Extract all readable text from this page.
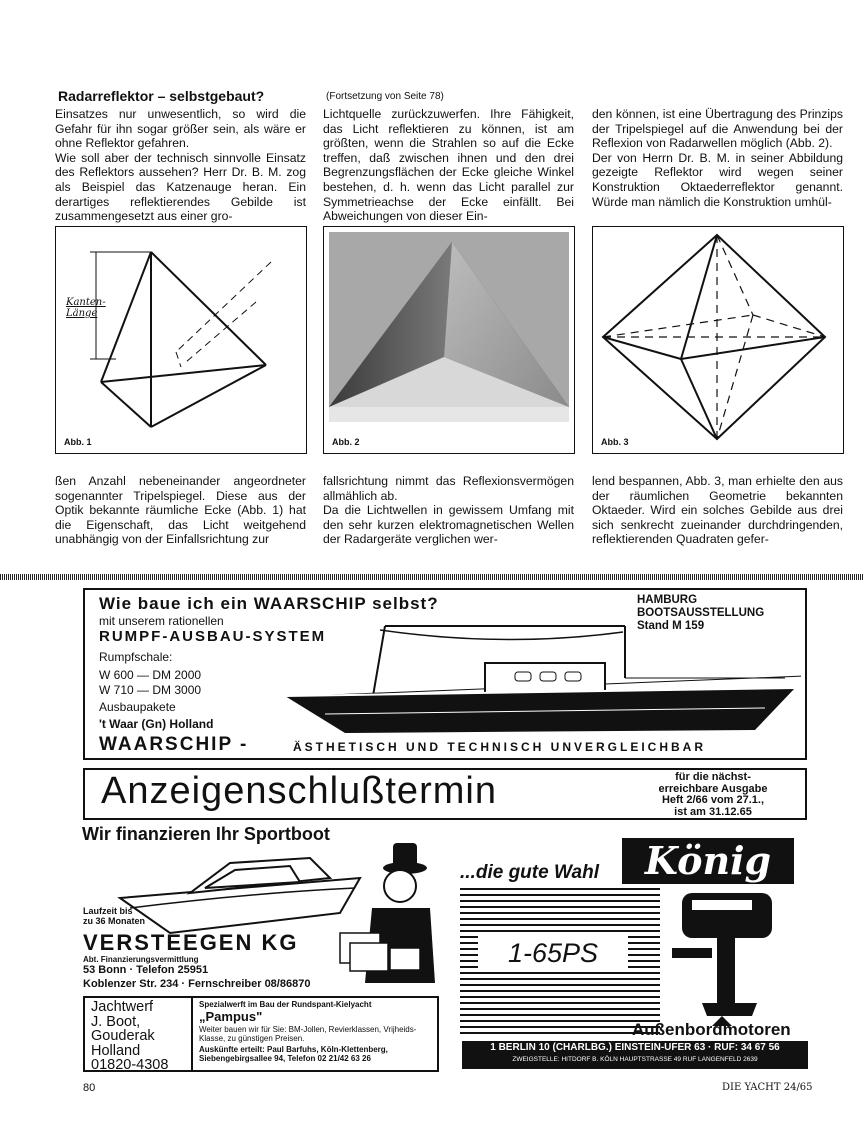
Radarreflektor – selbstgebaut?	(Fortsetzung von Seite 78)

Einsatzes nur unwesentlich, so wird die Gefahr für ihn sogar größer sein, als wäre er ohne Reflektor gefahren.

Wie soll aber der technisch sinnvolle Einsatz des Reflektors aussehen? Herr Dr. B. M. zog als Beispiel das Katzenauge heran. Ein derartiges reflektierendes Gebilde ist zusammengesetzt aus einer gro-

Lichtquelle zurückzuwerfen. Ihre Fähigkeit, das Licht reflektieren zu können, ist am größten, wenn die Strahlen so auf die Ecke treffen, daß zwischen ihnen und den drei Begrenzungsflächen der Ecke gleiche Winkel bestehen, d. h. wenn das Licht parallel zur Symmetrieachse der Ecke einfällt. Bei Abweichungen von dieser Ein-

den können, ist eine Übertragung des Prinzips der Tripelspiegel auf die Anwendung bei der Reflexion von Radarwellen möglich (Abb. 2).

Der von Herrn Dr. B. M. in seiner Abbildung gezeigte Reflektor wird wegen seiner Konstruktion Oktaederreflektor genannt. Würde man nämlich die Konstruktion umhül-

Kanten-Länge
Abb. 1	Abb. 2	Abb. 3

ßen Anzahl nebeneinander angeordneter sogenannter Tripelspiegel. Diese aus der Optik bekannte räumliche Ecke (Abb. 1) hat die Eigenschaft, das Licht weitgehend unabhängig von der Einfallsrichtung zur

fallsrichtung nimmt das Reflexionsvermögen allmählich ab.

Da die Lichtwellen in gewissem Umfang mit den sehr kurzen elektromagnetischen Wellen der Radargeräte verglichen wer-

lend bespannen, Abb. 3, man erhielte den aus der räumlichen Geometrie bekannten Oktaeder. Wird ein solches Gebilde aus drei sich senkrecht zueinander durchdringenden, reflektierenden Quadraten gefer-

Wie baue ich ein WAARSCHIP selbst?
mit unserem rationellen
RUMPF-AUSBAU-SYSTEM
Rumpfschale:
W 600 — DM 2000
W 710 — DM 3000
Ausbaupakete
't Waar (Gn) Holland
WAARSCHIP -	ÄSTHETISCH UND TECHNISCH UNVERGLEICHBAR
HAMBURG
BOOTSAUSSTELLUNG
Stand M 159
Anzeigenschlußtermin	für die nächst-
erreichbare Ausgabe
Heft 2/66 vom 27.1.,
ist am 31.12.65
Wir finanzieren Ihr Sportboot
Laufzeit bis
zu 36 Monaten
VERSTEEGEN KG
Abt. Finanzierungsvermittlung
53 Bonn · Telefon 25951
Koblenzer Str. 234 · Fernschreiber 08/86870
...die gute Wahl	König
1-65PS
Außenbordmotoren
1 BERLIN 10 (CHARLBG.) EINSTEIN-UFER 63 · RUF: 34 67 56
ZWEIGSTELLE: HITDORF B. KÖLN HAUPTSTRASSE 49 RUF LANGENFELD 2639
Jachtwerf
J. Boot,
Gouderak
Holland
01820-4308
Spezialwerft im Bau der Rundspant-Kielyacht
„Pampus"
Weiter bauen wir für Sie: BM-Jollen, Revierklassen, Vrijheids-Klasse, zu günstigen Preisen.
Auskünfte erteilt: Paul Barfuhs, Köln-Klettenberg, Siebengebirgsallee 94, Telefon 02 21/42 63 26
80	DIE YACHT 24/65
